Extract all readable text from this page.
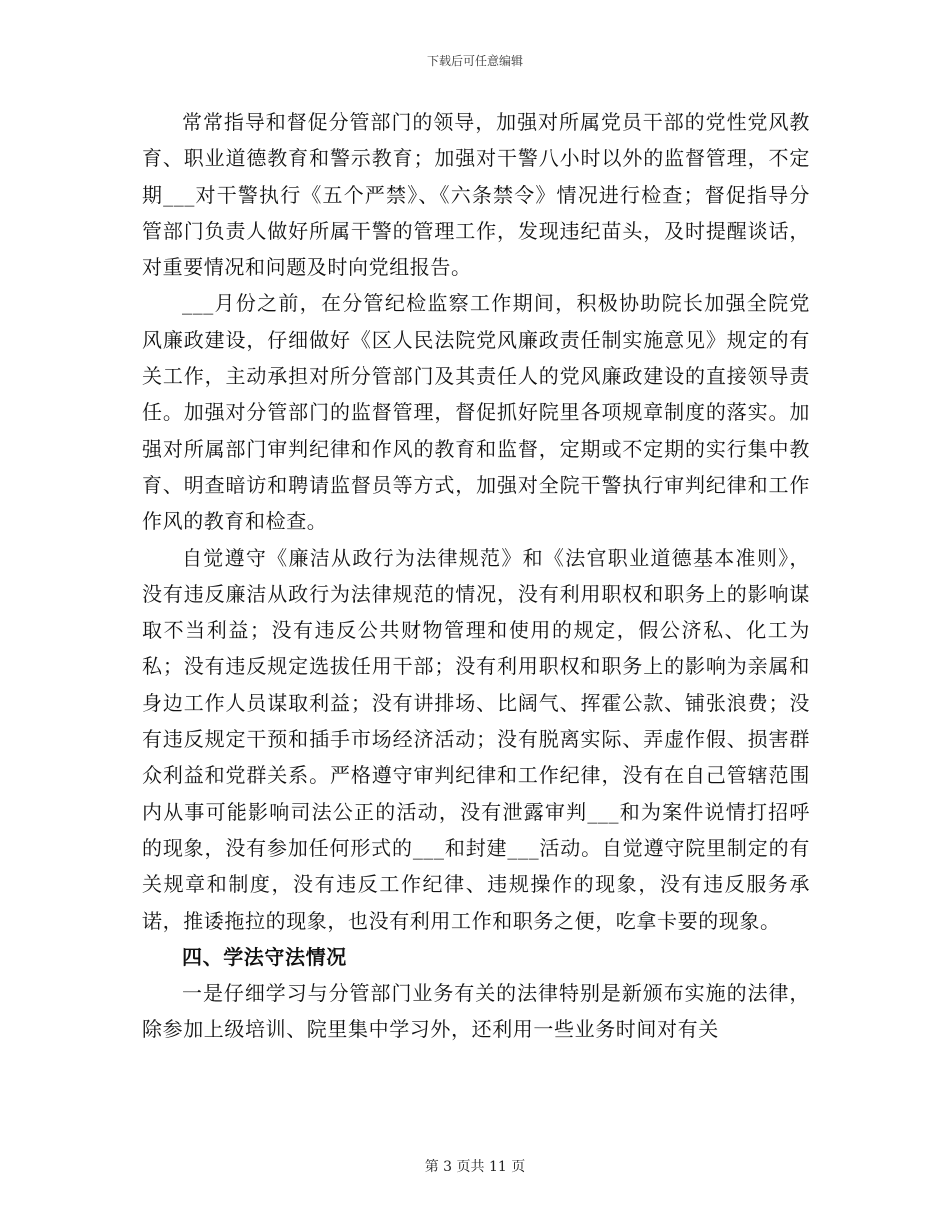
下载后可任意编辑

常常指导和督促分管部门的领导，加强对所属党员干部的党性党风教育、职业道德教育和警示教育；加强对干警八小时以外的监督管理，不定期___对干警执行《五个严禁》、《六条禁令》情况进行检查；督促指导分管部门负责人做好所属干警的管理工作，发现违纪苗头，及时提醒谈话，对重要情况和问题及时向党组报告。

___月份之前，在分管纪检监察工作期间，积极协助院长加强全院党风廉政建设，仔细做好《区人民法院党风廉政责任制实施意见》规定的有关工作，主动承担对所分管部门及其责任人的党风廉政建设的直接领导责任。加强对分管部门的监督管理，督促抓好院里各项规章制度的落实。加强对所属部门审判纪律和作风的教育和监督，定期或不定期的实行集中教育、明查暗访和聘请监督员等方式，加强对全院干警执行审判纪律和工作作风的教育和检查。

自觉遵守《廉洁从政行为法律规范》和《法官职业道德基本准则》，没有违反廉洁从政行为法律规范的情况，没有利用职权和职务上的影响谋取不当利益；没有违反公共财物管理和使用的规定，假公济私、化工为私；没有违反规定选拔任用干部；没有利用职权和职务上的影响为亲属和身边工作人员谋取利益；没有讲排场、比阔气、挥霍公款、铺张浪费；没有违反规定干预和插手市场经济活动；没有脱离实际、弄虚作假、损害群众利益和党群关系。严格遵守审判纪律和工作纪律，没有在自己管辖范围内从事可能影响司法公正的活动，没有泄露审判___和为案件说情打招呼的现象，没有参加任何形式的___和封建___活动。自觉遵守院里制定的有关规章和制度，没有违反工作纪律、违规操作的现象，没有违反服务承诺，推诿拖拉的现象，也没有利用工作和职务之便，吃拿卡要的现象。

四、学法守法情况

一是仔细学习与分管部门业务有关的法律特别是新颁布实施的法律，除参加上级培训、院里集中学习外，还利用一些业务时间对有关

第 3 页共 11 页
